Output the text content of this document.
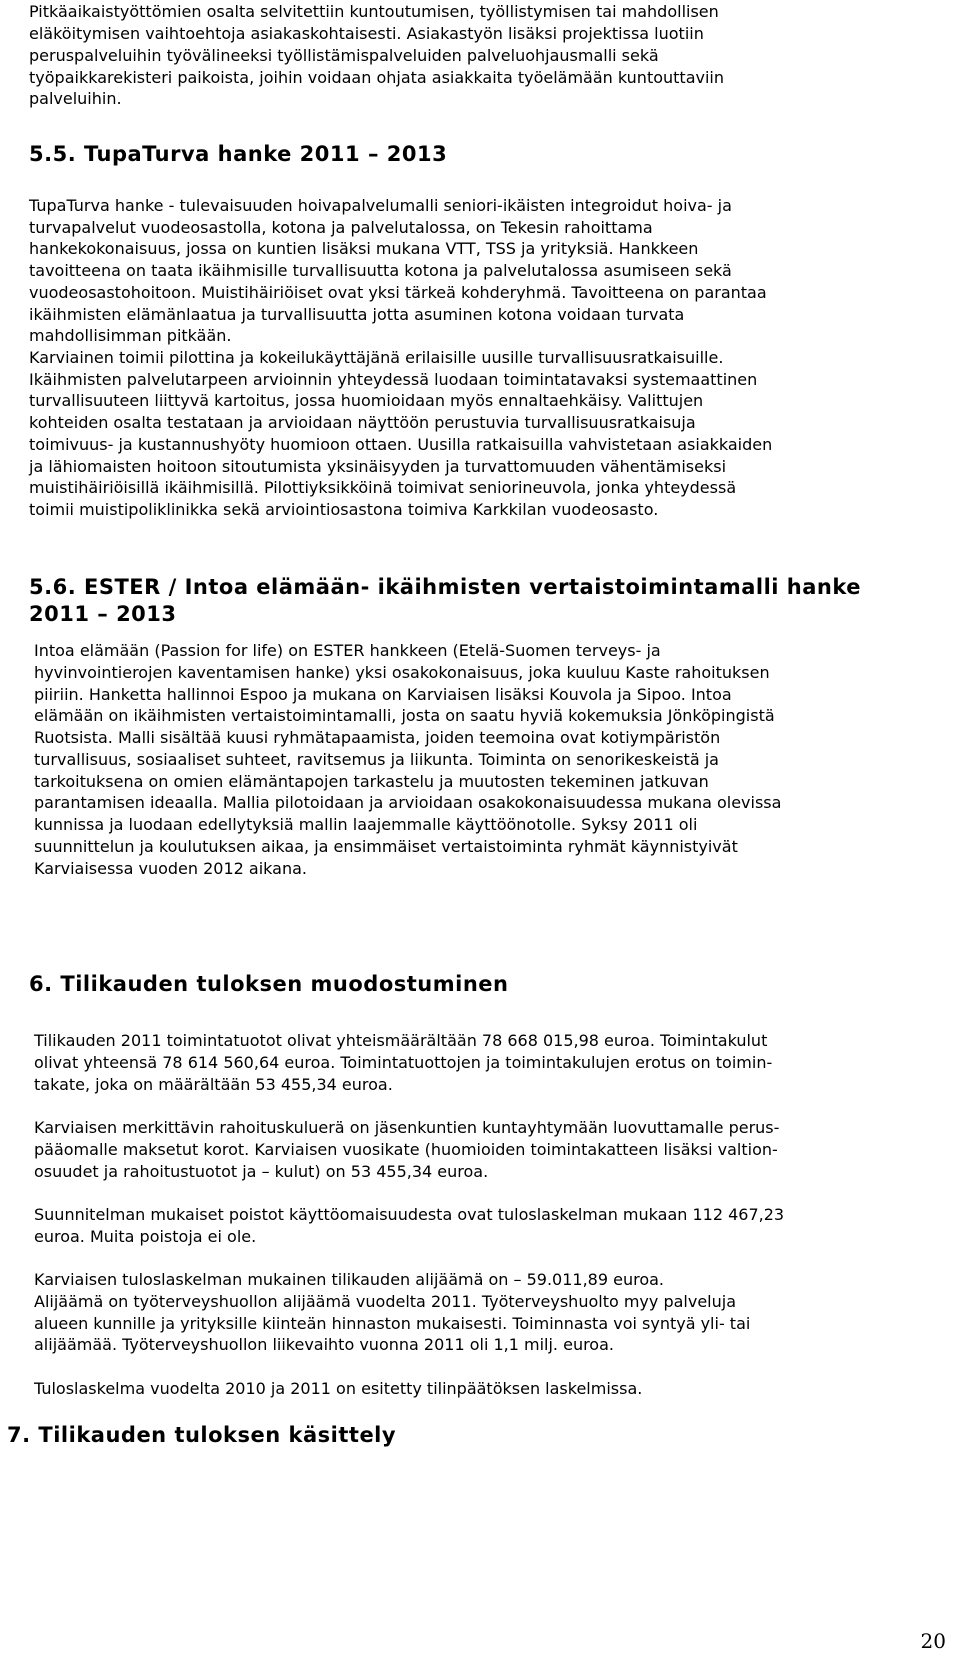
Pitkäaikaistyöttömien osalta selvitettiin kuntoutumisen, työllistymisen tai mahdollisen
eläköitymisen vaihtoehtoja asiakaskohtaisesti. Asiakastyön lisäksi projektissa luotiin
peruspalveluihin työvälineeksi työllistämispalveluiden palveluohjausmalli sekä
työpaikkarekisteri paikoista, joihin voidaan ohjata asiakkaita työelämään kuntouttaviin
palveluihin.
5.5. TupaTurva hanke 2011 – 2013
TupaTurva hanke - tulevaisuuden hoivapalvelumalli seniori-ikäisten integroidut hoiva- ja
turvapalvelut vuodeosastolla, kotona ja palvelutalossa, on Tekesin rahoittama
hankekokonaisuus, jossa on kuntien lisäksi mukana VTT, TSS ja yrityksiä. Hankkeen
tavoitteena on taata ikäihmisille turvallisuutta kotona ja palvelutalossa asumiseen sekä
vuodeosastohoitoon. Muistihäiriöiset ovat yksi tärkeä kohderyhmä. Tavoitteena on parantaa
ikäihmisten elämänlaatua ja turvallisuutta jotta asuminen kotona voidaan turvata
mahdollisimman pitkään.
Karviainen toimii pilottina ja kokeilukäyttäjänä erilaisille uusille turvallisuusratkaisuille.
Ikäihmisten palvelutarpeen arvioinnin yhteydessä luodaan toimintatavaksi systemaattinen
turvallisuuteen liittyvä kartoitus, jossa huomioidaan myös ennaltaehkäisy. Valittujen
kohteiden osalta testataan ja arvioidaan näyttöön perustuvia turvallisuusratkaisuja
toimivuus- ja kustannushyöty huomioon ottaen. Uusilla ratkaisuilla vahvistetaan asiakkaiden
ja lähiomaisten hoitoon sitoutumista yksinäisyyden ja turvattomuuden vähentämiseksi
muistihäiriöisillä ikäihmisillä. Pilottiyksikköinä toimivat seniorineuvola, jonka yhteydessä
toimii muistipoliklinikka sekä arviointiosastona toimiva Karkkilan vuodeosasto.
5.6. ESTER / Intoa elämään- ikäihmisten vertaistoimintamalli hanke
2011 – 2013
Intoa elämään (Passion for life) on ESTER hankkeen (Etelä-Suomen terveys- ja
hyvinvointierojen kaventamisen hanke) yksi osakokonaisuus, joka kuuluu Kaste rahoituksen
piiriin. Hanketta hallinnoi Espoo ja mukana on Karviaisen lisäksi Kouvola ja Sipoo. Intoa
elämään on ikäihmisten vertaistoimintamalli, josta on saatu hyviä kokemuksia Jönköpingistä
Ruotsista. Malli sisältää kuusi ryhmätapaamista, joiden teemoina ovat kotiympäristön
turvallisuus, sosiaaliset suhteet, ravitsemus ja liikunta. Toiminta on senorikeskeistä ja
tarkoituksena on omien elämäntapojen tarkastelu ja muutosten tekeminen jatkuvan
parantamisen ideaalla. Mallia pilotoidaan ja arvioidaan osakokonaisuudessa mukana olevissa
kunnissa ja luodaan edellytyksiä mallin laajemmalle käyttöönotolle. Syksy 2011 oli
suunnittelun ja koulutuksen aikaa, ja ensimmäiset vertaistoiminta ryhmät käynnistyivät
Karviaisessa vuoden 2012 aikana.
6. Tilikauden tuloksen muodostuminen
Tilikauden 2011 toimintatuotot olivat yhteismäärältään 78 668 015,98 euroa. Toimintakulut
olivat yhteensä 78 614 560,64 euroa. Toimintatuottojen ja toimintakulujen erotus on toimin-
takate, joka on määrältään 53 455,34 euroa.
Karviaisen merkittävin rahoituskuluerä on jäsenkuntien kuntayhtymään luovuttamalle perus-
pääomalle maksetut korot. Karviaisen vuosikate (huomioiden toimintakatteen lisäksi valtion-
osuudet ja rahoitustuotot ja – kulut) on 53 455,34 euroa.
Suunnitelman mukaiset poistot käyttöomaisuudesta ovat tuloslaskelman mukaan 112 467,23
euroa. Muita poistoja ei ole.
Karviaisen tuloslaskelman mukainen tilikauden alijäämä on – 59.011,89 euroa.
Alijäämä on työterveyshuollon alijäämä vuodelta 2011. Työterveyshuolto myy palveluja
alueen kunnille ja yrityksille kiinteän hinnaston mukaisesti. Toiminnasta voi syntyä yli- tai
alijäämää. Työterveyshuollon liikevaihto vuonna 2011 oli 1,1 milj. euroa.
Tuloslaskelma vuodelta 2010 ja 2011 on esitetty tilinpäätöksen laskelmissa.
7. Tilikauden tuloksen käsittely
20
